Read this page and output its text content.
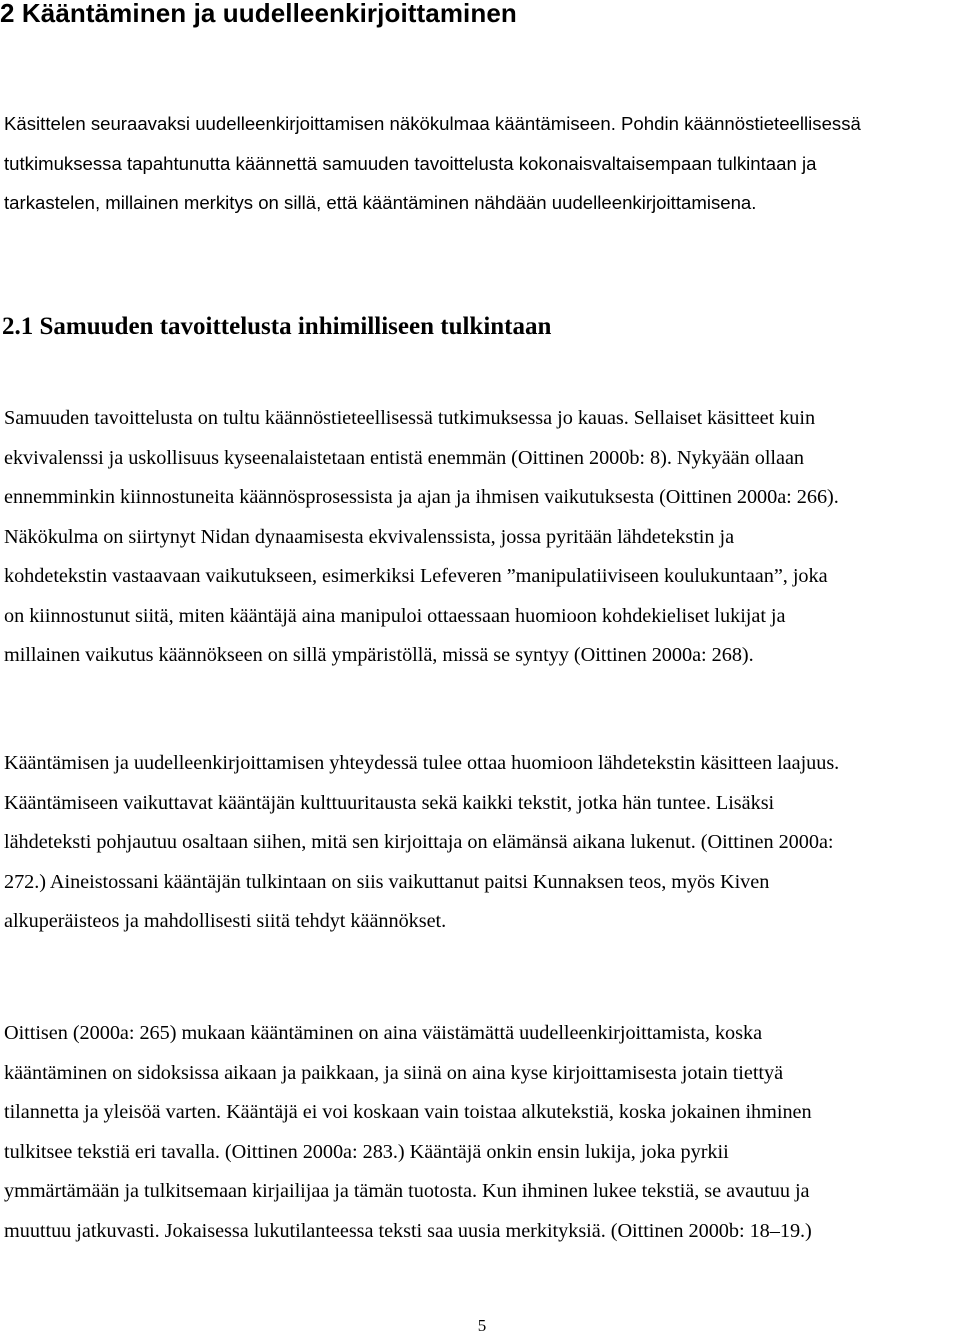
2 Kääntäminen ja uudelleenkirjoittaminen
Käsittelen seuraavaksi uudelleenkirjoittamisen näkökulmaa kääntämiseen. Pohdin käännöstieteellisessä
tutkimuksessa tapahtunutta käännettä samuuden tavoittelusta kokonaisvaltaisempaan tulkintaan ja
tarkastelen, millainen merkitys on sillä, että kääntäminen nähdään uudelleenkirjoittamisena.
2.1 Samuuden tavoittelusta inhimilliseen tulkintaan
Samuuden tavoittelusta on tultu käännöstieteellisessä tutkimuksessa jo kauas. Sellaiset käsitteet kuin
ekvivalenssi ja uskollisuus kyseenalaistetaan entistä enemmän (Oittinen 2000b: 8). Nykyään ollaan
ennemminkin kiinnostuneita käännösprosessista ja ajan ja ihmisen vaikutuksesta (Oittinen 2000a: 266).
Näkökulma on siirtynyt Nidan dynaamisesta ekvivalenssista, jossa pyritään lähdetekstin ja
kohdetekstin vastaavaan vaikutukseen, esimerkiksi Lefeveren ”manipulatiiviseen koulukuntaan”, joka
on kiinnostunut siitä, miten kääntäjä aina manipuloi ottaessaan huomioon kohdekieliset lukijat ja
millainen vaikutus käännökseen on sillä ympäristöllä, missä se syntyy (Oittinen 2000a: 268).
Kääntämisen ja uudelleenkirjoittamisen yhteydessä tulee ottaa huomioon lähdetekstin käsitteen laajuus.
Kääntämiseen vaikuttavat kääntäjän kulttuuritausta sekä kaikki tekstit, jotka hän tuntee. Lisäksi
lähdeteksti pohjautuu osaltaan siihen, mitä sen kirjoittaja on elämänsä aikana lukenut. (Oittinen 2000a:
272.) Aineistossani kääntäjän tulkintaan on siis vaikuttanut paitsi Kunnaksen teos, myös Kiven
alkuperäisteos ja mahdollisesti siitä tehdyt käännökset.
Oittisen (2000a: 265) mukaan kääntäminen on aina väistämättä uudelleenkirjoittamista, koska
kääntäminen on sidoksissa aikaan ja paikkaan, ja siinä on aina kyse kirjoittamisesta jotain tiettyä
tilannetta ja yleisöä varten. Kääntäjä ei voi koskaan vain toistaa alkutekstiä, koska jokainen ihminen
tulkitsee tekstiä eri tavalla. (Oittinen 2000a: 283.) Kääntäjä onkin ensin lukija, joka pyrkii
ymmärtämään ja tulkitsemaan kirjailijaa ja tämän tuotosta. Kun ihminen lukee tekstiä, se avautuu ja
muuttuu jatkuvasti. Jokaisessa lukutilanteessa teksti saa uusia merkityksiä. (Oittinen 2000b: 18–19.)

5
